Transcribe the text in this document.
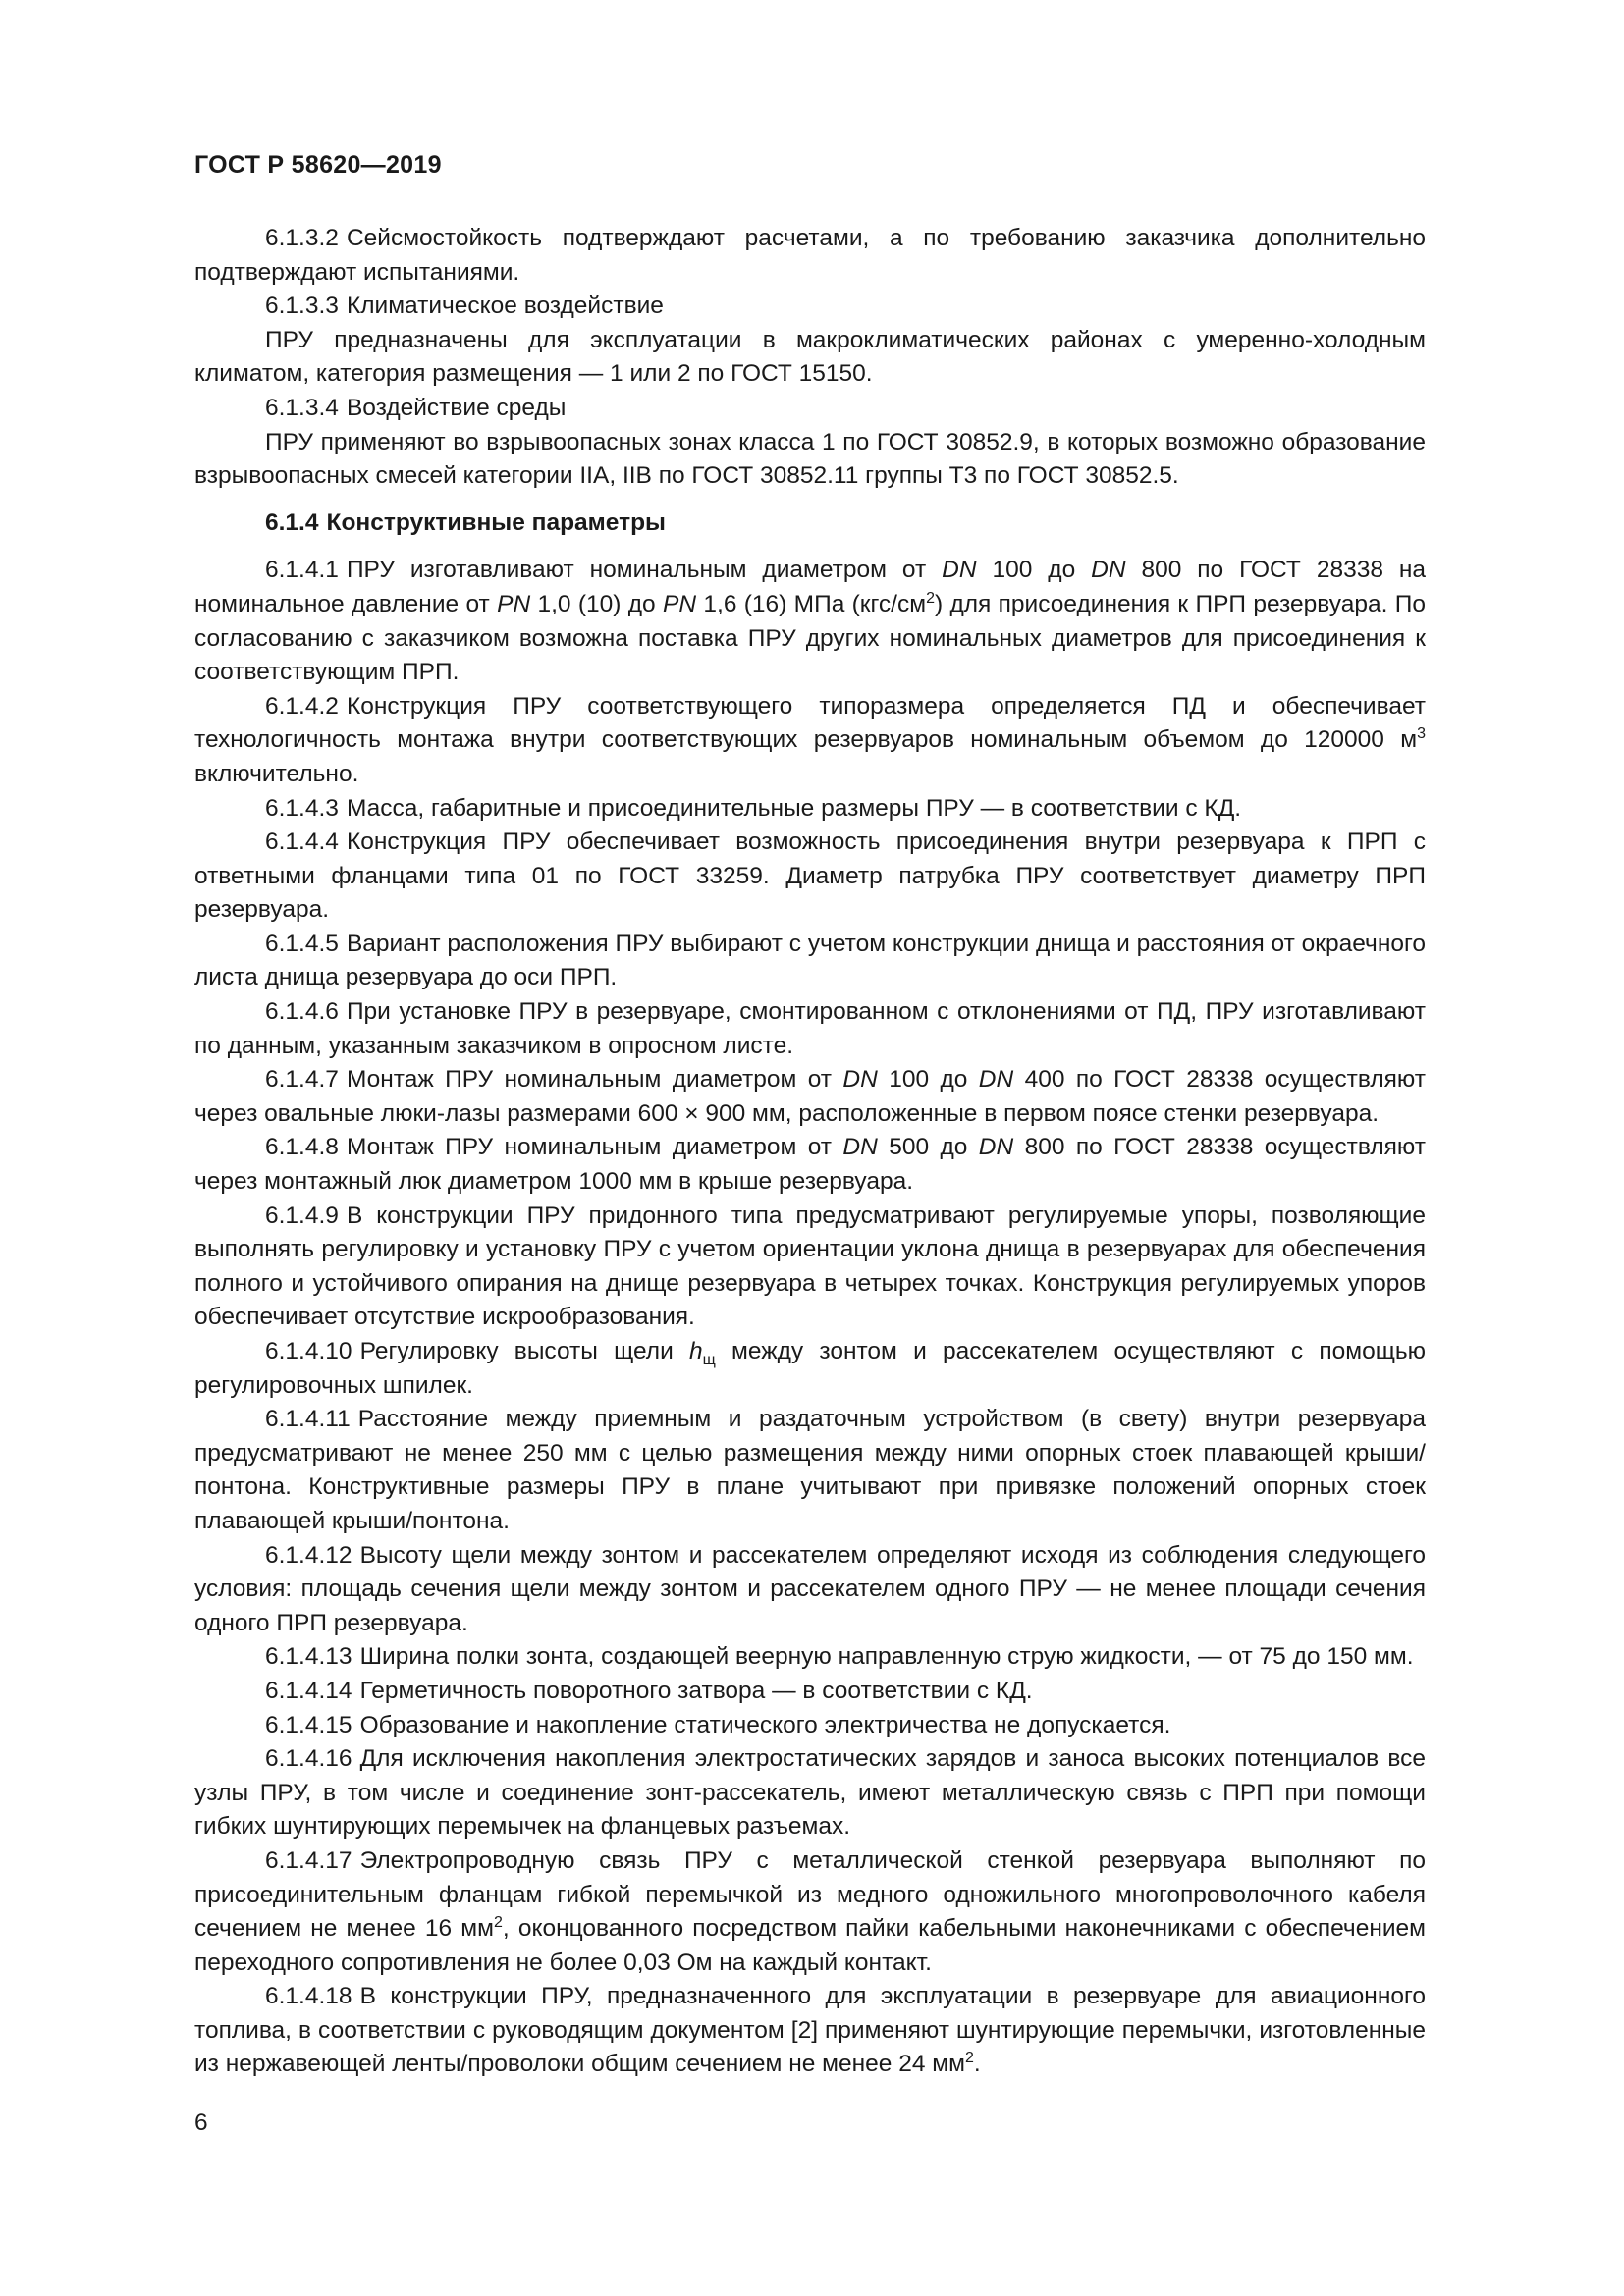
ГОСТ Р 58620—2019

6.1.3.2 Сейсмостойкость подтверждают расчетами, а по требованию заказчика дополнительно подтверждают испытаниями.

6.1.3.3 Климатическое воздействие

ПРУ предназначены для эксплуатации в макроклиматических районах с умеренно-холодным климатом, категория размещения — 1 или 2 по ГОСТ 15150.

6.1.3.4 Воздействие среды

ПРУ применяют во взрывоопасных зонах класса 1 по ГОСТ 30852.9, в которых возможно образование взрывоопасных смесей категории IIA, IIB по ГОСТ 30852.11 группы Т3 по ГОСТ 30852.5.

6.1.4 Конструктивные параметры

6.1.4.1 ПРУ изготавливают номинальным диаметром от DN 100 до DN 800 по ГОСТ 28338 на номинальное давление от PN 1,0 (10) до PN 1,6 (16) МПа $(кгс/см^2)$ для присоединения к ПРП резервуара. По согласованию с заказчиком возможна поставка ПРУ других номинальных диаметров для присоединения к соответствующим ПРП.

6.1.4.2 Конструкция ПРУ соответствующего типоразмера определяется ПД и обеспечивает технологичность монтажа внутри соответствующих резервуаров номинальным объемом до 120000 $м^3$ включительно.

6.1.4.3 Масса, габаритные и присоединительные размеры ПРУ — в соответствии с КД.

6.1.4.4 Конструкция ПРУ обеспечивает возможность присоединения внутри резервуара к ПРП с ответными фланцами типа 01 по ГОСТ 33259. Диаметр патрубка ПРУ соответствует диаметру ПРП резервуара.

6.1.4.5 Вариант расположения ПРУ выбирают с учетом конструкции днища и расстояния от окраечного листа днища резервуара до оси ПРП.

6.1.4.6 При установке ПРУ в резервуаре, смонтированном с отклонениями от ПД, ПРУ изготавливают по данным, указанным заказчиком в опросном листе.

6.1.4.7 Монтаж ПРУ номинальным диаметром от DN 100 до DN 400 по ГОСТ 28338 осуществляют через овальные люки-лазы размерами 600 × 900 мм, расположенные в первом поясе стенки резервуара.

6.1.4.8 Монтаж ПРУ номинальным диаметром от DN 500 до DN 800 по ГОСТ 28338 осуществляют через монтажный люк диаметром 1000 мм в крыше резервуара.

6.1.4.9 В конструкции ПРУ придонного типа предусматривают регулируемые упоры, позволяющие выполнять регулировку и установку ПРУ с учетом ориентации уклона днища в резервуарах для обеспечения полного и устойчивого опирания на днище резервуара в четырех точках. Конструкция регулируемых упоров обеспечивает отсутствие искрообразования.

6.1.4.10 Регулировку высоты щели $h_щ$ между зонтом и рассекателем осуществляют с помощью регулировочных шпилек.

6.1.4.11 Расстояние между приемным и раздаточным устройством (в свету) внутри резервуара предусматривают не менее 250 мм с целью размещения между ними опорных стоек плавающей крыши/понтона. Конструктивные размеры ПРУ в плане учитывают при привязке положений опорных стоек плавающей крыши/понтона.

6.1.4.12 Высоту щели между зонтом и рассекателем определяют исходя из соблюдения следующего условия: площадь сечения щели между зонтом и рассекателем одного ПРУ — не менее площади сечения одного ПРП резервуара.

6.1.4.13 Ширина полки зонта, создающей веерную направленную струю жидкости, — от 75 до 150 мм.

6.1.4.14 Герметичность поворотного затвора — в соответствии с КД.

6.1.4.15 Образование и накопление статического электричества не допускается.

6.1.4.16 Для исключения накопления электростатических зарядов и заноса высоких потенциалов все узлы ПРУ, в том числе и соединение зонт-рассекатель, имеют металлическую связь с ПРП при помощи гибких шунтирующих перемычек на фланцевых разъемах.

6.1.4.17 Электропроводную связь ПРУ с металлической стенкой резервуара выполняют по присоединительным фланцам гибкой перемычкой из медного одножильного многопроволочного кабеля сечением не менее 16 $мм^2$, оконцованного посредством пайки кабельными наконечниками с обеспечением переходного сопротивления не более 0,03 Ом на каждый контакт.

6.1.4.18 В конструкции ПРУ, предназначенного для эксплуатации в резервуаре для авиационного топлива, в соответствии с руководящим документом [2] применяют шунтирующие перемычки, изготовленные из нержавеющей ленты/проволоки общим сечением не менее 24 $мм^2$.

6
